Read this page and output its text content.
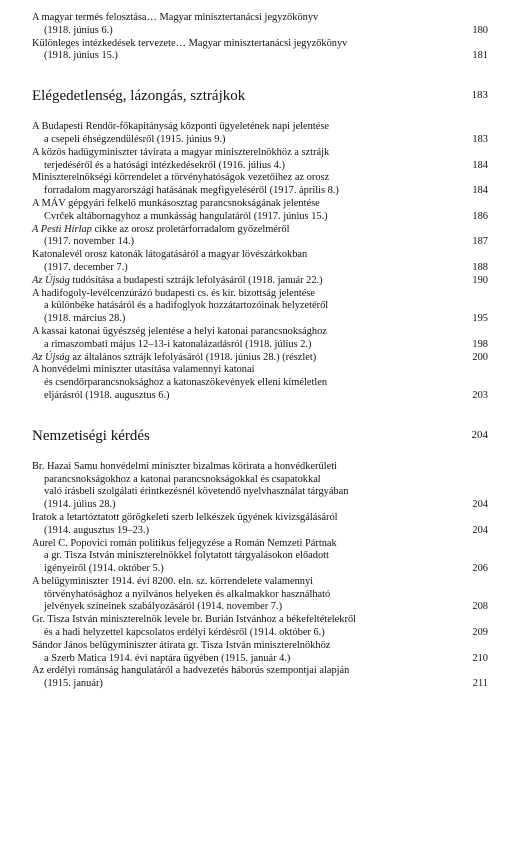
A magyar termés felosztása… Magyar minisztertanácsi jegyzőkönyv
(1918. június 6.)	180
Különleges intézkedések tervezete… Magyar minisztertanácsi jegyzőkönyv
(1918. június 15.)	181
Elégedetlenség, lázongás, sztrájkok	183
A Budapesti Rendőr-főkapitányság központi ügyeletének napi jelentése
a csepeli éhségzendülésről (1915. június 9.)	183
A közös hadügyminiszter távirata a magyar miniszterelnökhöz a sztrájk
terjedéséről és a hatósági intézkedésekről (1916. július 4.)	184
Miniszterelnökségi körrendelet a törvényhatóságok vezetőihez az orosz
forradalom magyarországi hatásának megfigyeléséről (1917. április 8.)	184
A MÁV gépgyári felkelő munkásosztag parancsnokságának jelentése
Cvrček altábornagyhoz a munkásság hangulatáról (1917. június 15.)	186
A Pesti Hírlap cikke az orosz proletárforradalom győzelméről
(1917. november 14.)	187
Katonalevél orosz katonák látogatásáról a magyar lövészárkokban
(1917. december 7.)	188
Az Újság tudósítása a budapesti sztrájk lefolyásáról (1918. január 22.)	190
A hadifogoly-levélcenzúrázó budapesti cs. és kir. bizottság jelentése
a különbéke hatásáról és a hadifoglyok hozzátartozóinak helyzetéről
(1918. március 28.)	195
A kassai katonai ügyészség jelentése a helyi katonai parancsnoksághoz
a rimaszombati május 12–13-i katonalázadásról (1918. július 2.)	198
Az Újság az általános sztrájk lefolyásáról (1918. június 28.) (részlet)	200
A honvédelmi miniszter utasítása valamennyi katonai
és csendőrparancsnoksághoz a katonaszökevények elleni kíméletlen
eljárásról (1918. augusztus 6.)	203
Nemzetiségi kérdés	204
Br. Hazai Samu honvédelmi miniszter bizalmas körirata a honvédkerületi
parancsnokságokhoz a katonai parancsnokságokkal és csapatokkal
való írásbeli szolgálati érintkezésnél követendő nyelvhasználat tárgyában
(1914. július 28.)	204
Iratok a letartóztatott görögkeleti szerb lelkészek ügyének kivizsgálásáról
(1914. augusztus 19–23.)	204
Aurel C. Popovici román politikus feljegyzése a Román Nemzeti Pártnak
a gr. Tisza István miniszterelnökkel folytatott tárgyalásokon előadott
igényeiről (1914. október 5.)	206
A belügyminiszter 1914. évi 8200. eln. sz. körrendelete valamennyi
törvényhatósághoz a nyilvános helyeken és alkalmakkor használható
jelvények színeinek szabályozásáról (1914. november 7.)	208
Gr. Tisza István miniszterelnök levele br. Burián Istvánhoz a békefeltételekről
és a hadi helyzettel kapcsolatos erdélyi kérdésről (1914. október 6.)	209
Sándor János belügyminiszter átirata gr. Tisza István miniszterelnökhöz
a Szerb Matica 1914. évi naptára ügyében (1915. január 4.)	210
Az erdélyi románság hangulatáról a hadvezetés háborús szempontjai alapján
(1915. január)	211
